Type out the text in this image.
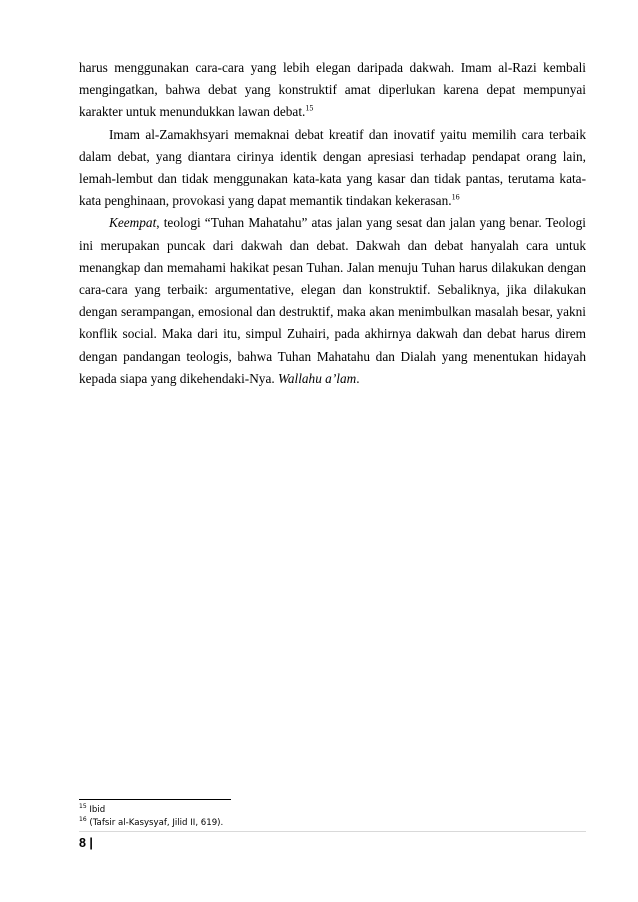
harus menggunakan cara-cara yang lebih elegan daripada dakwah. Imam al-Razi kembali mengingatkan, bahwa debat yang konstruktif amat diperlukan karena depat mempunyai karakter untuk menundukkan lawan debat.$^{15}$

Imam al-Zamakhsyari memaknai debat kreatif dan inovatif yaitu memilih cara terbaik dalam debat, yang diantara cirinya identik dengan apresiasi terhadap pendapat orang lain, lemah-lembut dan tidak menggunakan kata-kata yang kasar dan tidak pantas, terutama kata-kata penghinaan, provokasi yang dapat memantik tindakan kekerasan.$^{16}$

Keempat, teologi “Tuhan Mahatahu” atas jalan yang sesat dan jalan yang benar. Teologi ini merupakan puncak dari dakwah dan debat. Dakwah dan debat hanyalah cara untuk menangkap dan memahami hakikat pesan Tuhan. Jalan menuju Tuhan harus dilakukan dengan cara-cara yang terbaik: argumentative, elegan dan konstruktif. Sebaliknya, jika dilakukan dengan serampangan, emosional dan destruktif, maka akan menimbulkan masalah besar, yakni konflik social. Maka dari itu, simpul Zuhairi, pada akhirnya dakwah dan debat harus direm dengan pandangan teologis, bahwa Tuhan Mahatahu dan Dialah yang menentukan hidayah kepada siapa yang dikehendaki-Nya. Wallahu a’lam.

$^{15}$ Ibid

$^{16}$ (Tafsir al-Kasysyaf, Jilid II, 619).

8 |
